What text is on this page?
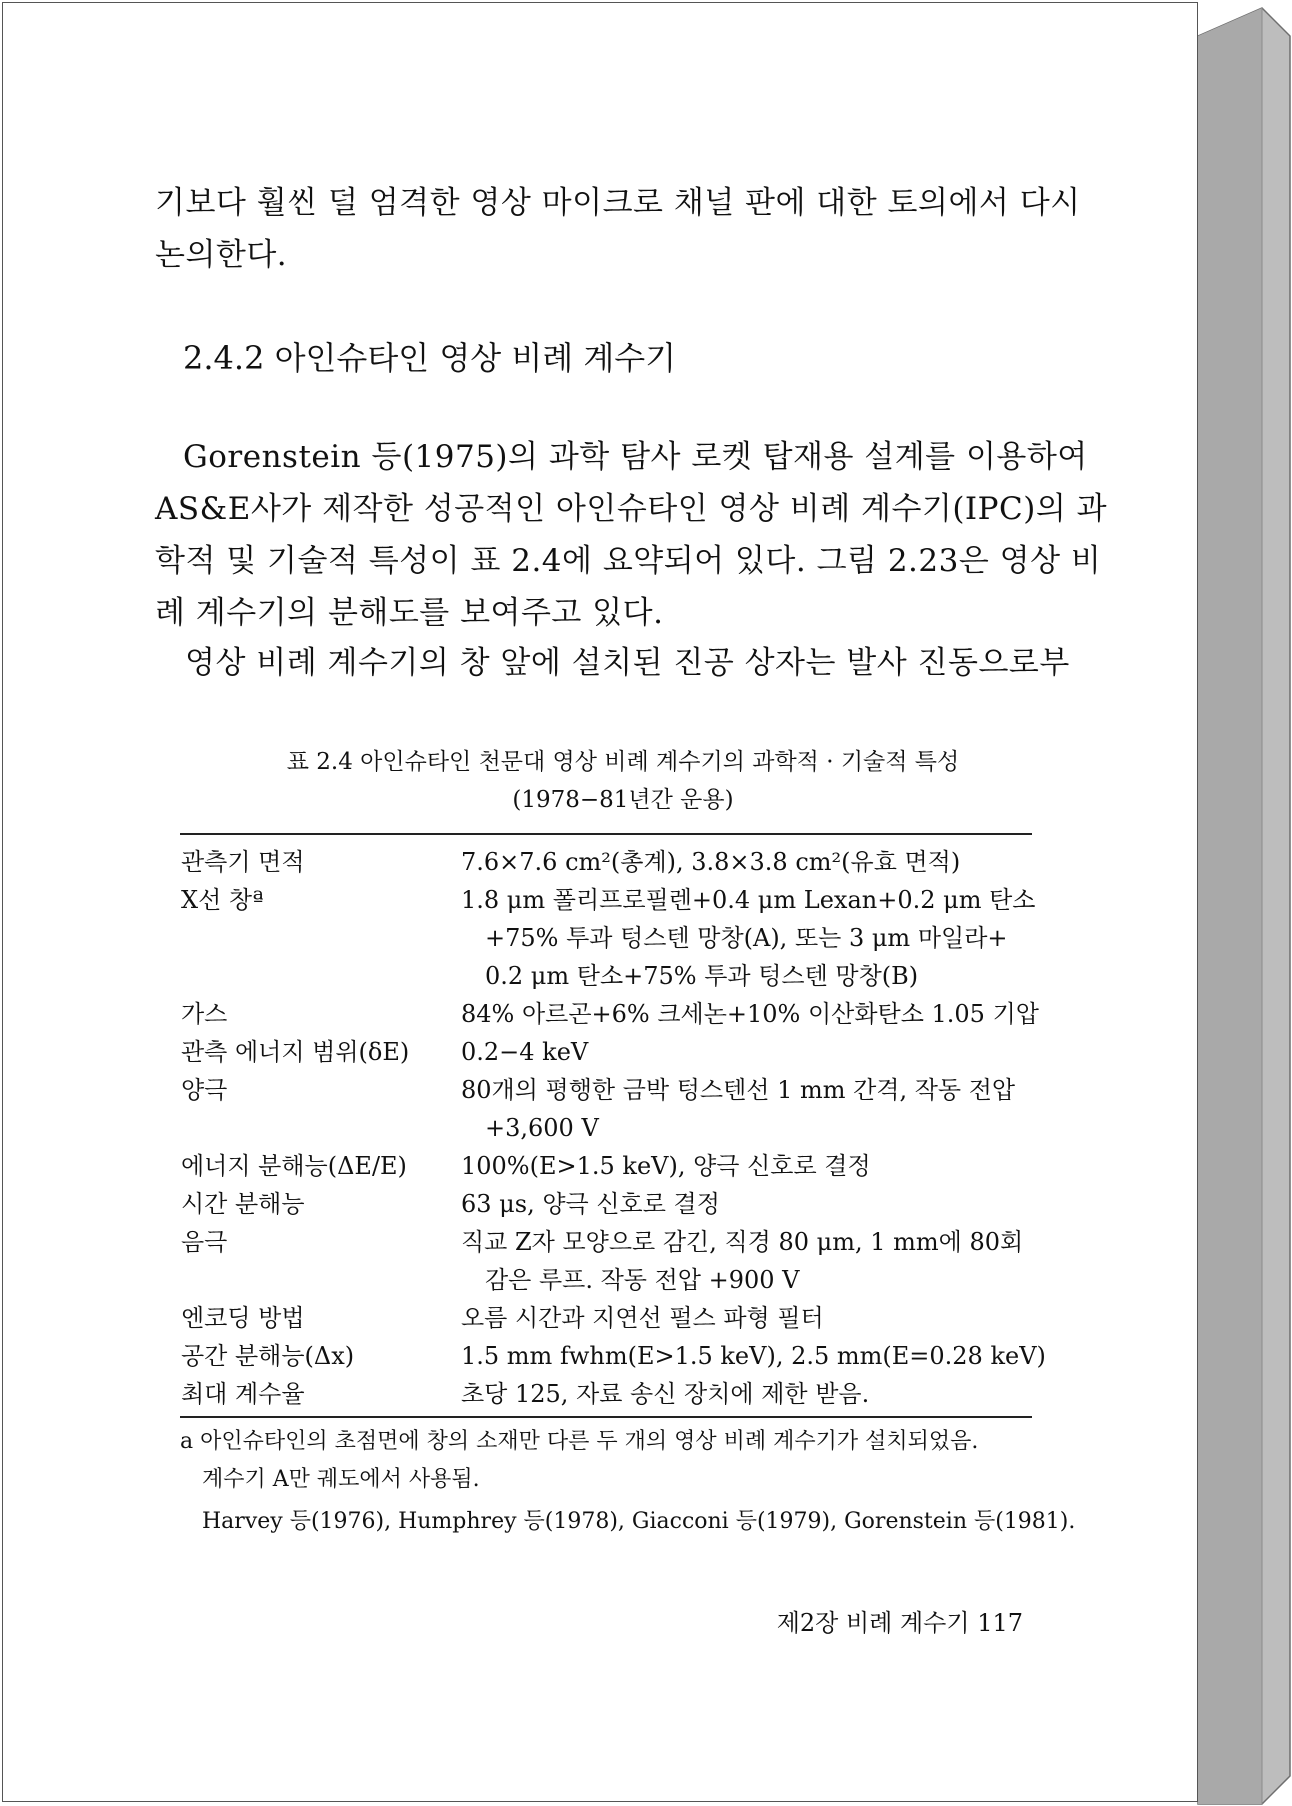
기보다 훨씬 덜 엄격한 영상 마이크로 채널 판에 대한 토의에서 다시
논의한다.
2.4.2 아인슈타인 영상 비례 계수기
Gorenstein 등(1975)의 과학 탐사 로켓 탑재용 설계를 이용하여
AS&E사가 제작한 성공적인 아인슈타인 영상 비례 계수기(IPC)의 과
학적 및 기술적 특성이 표 2.4에 요약되어 있다. 그림 2.23은 영상 비
례 계수기의 분해도를 보여주고 있다.
영상 비례 계수기의 창 앞에 설치된 진공 상자는 발사 진동으로부
표 2.4 아인슈타인 천문대 영상 비례 계수기의 과학적 · 기술적 특성
(1978−81년간 운용)
관측기 면적	7.6×7.6 cm²(총계), 3.8×3.8 cm²(유효 면적)
X선 창ª	1.8 μm 폴리프로필렌+0.4 μm Lexan+0.2 μm 탄소
+75% 투과 텅스텐 망창(A), 또는 3 μm 마일라+
0.2 μm 탄소+75% 투과 텅스텐 망창(B)
가스	84% 아르곤+6% 크세논+10% 이산화탄소 1.05 기압
관측 에너지 범위(δE)	0.2−4 keV
양극	80개의 평행한 금박 텅스텐선 1 mm 간격, 작동 전압
+3,600 V
에너지 분해능(ΔE/E)	100%(E>1.5 keV), 양극 신호로 결정
시간 분해능	63 μs, 양극 신호로 결정
음극	직교 Z자 모양으로 감긴, 직경 80 μm, 1 mm에 80회
감은 루프. 작동 전압 +900 V
엔코딩 방법	오름 시간과 지연선 펄스 파형 필터
공간 분해능(Δx)	1.5 mm fwhm(E>1.5 keV), 2.5 mm(E=0.28 keV)
최대 계수율	초당 125, 자료 송신 장치에 제한 받음.
a 아인슈타인의 초점면에 창의 소재만 다른 두 개의 영상 비례 계수기가 설치되었음.
계수기 A만 궤도에서 사용됨.
Harvey 등(1976), Humphrey 등(1978), Giacconi 등(1979), Gorenstein 등(1981).
제2장 비례 계수기 117
